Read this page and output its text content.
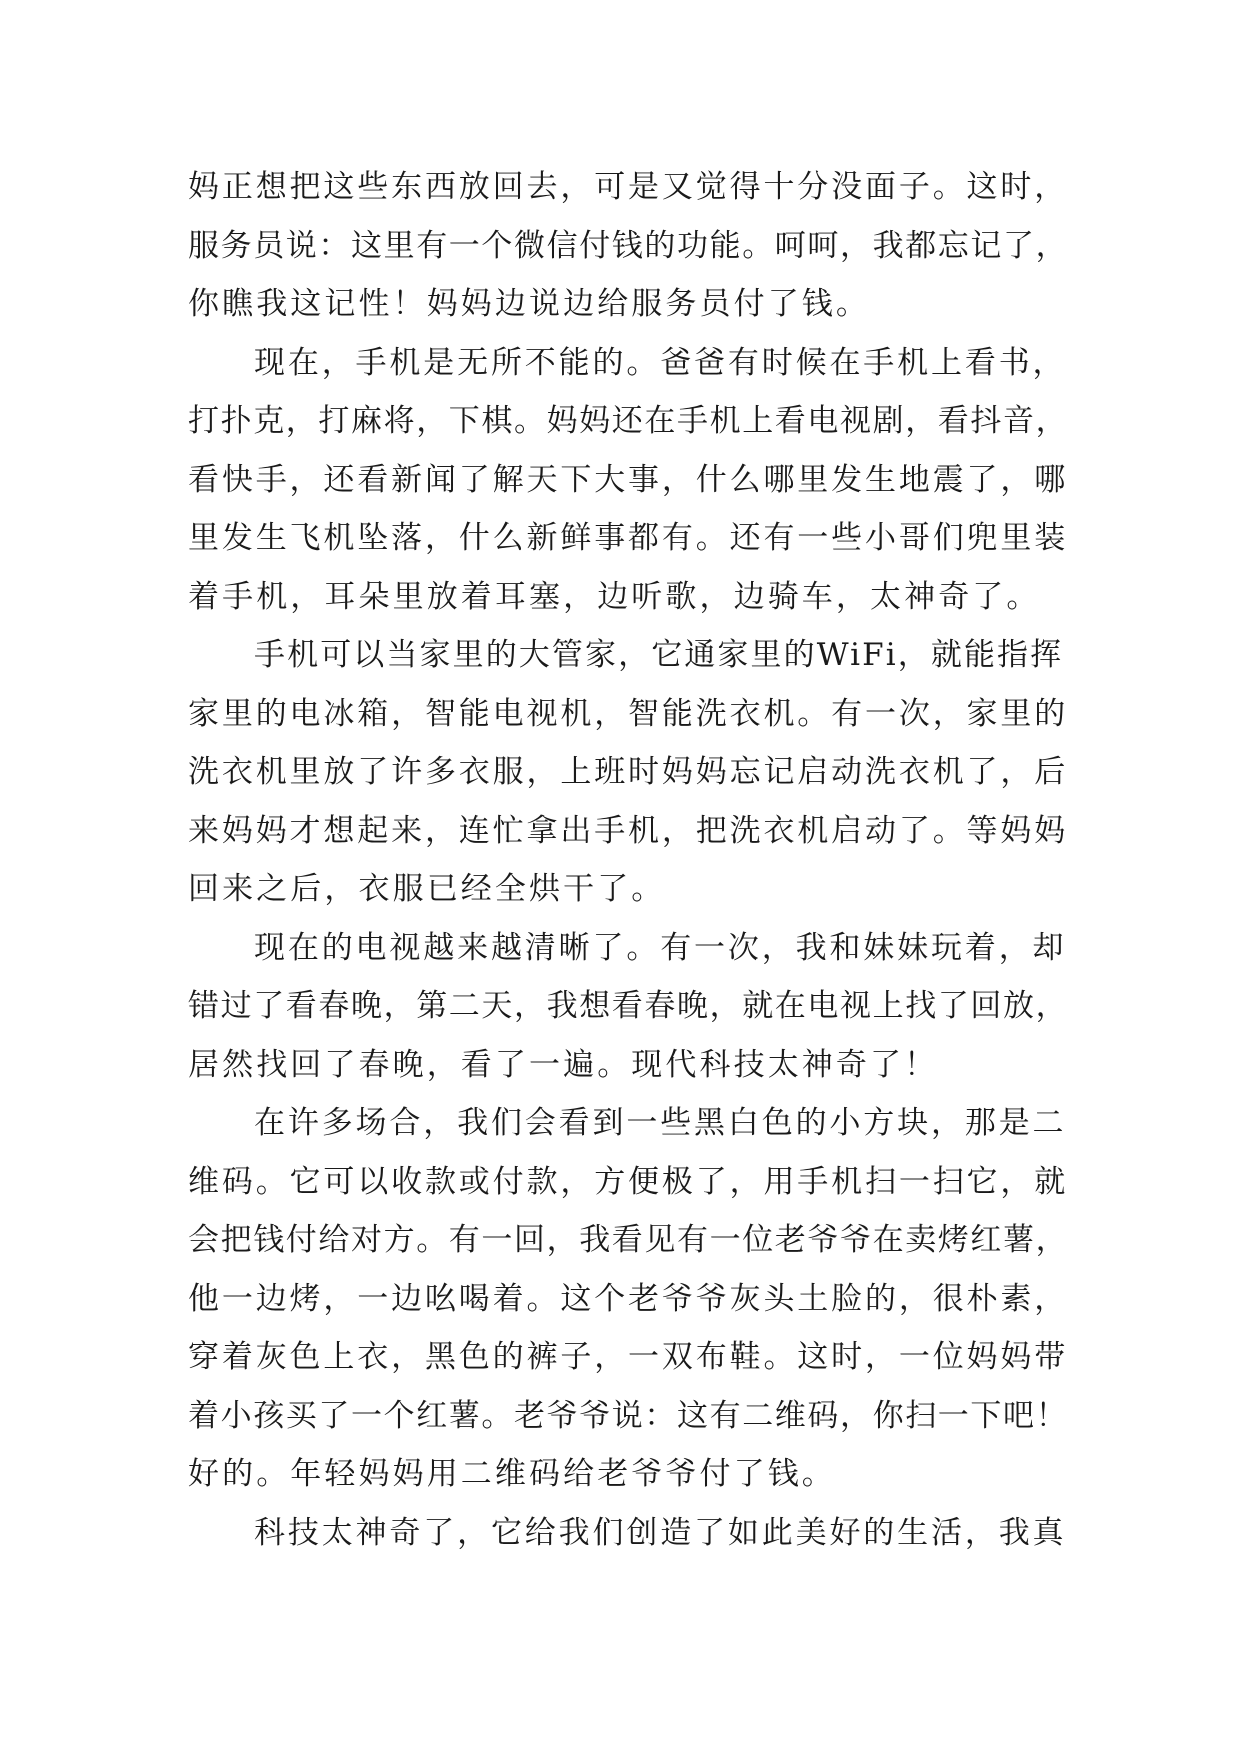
妈正想把这些东西放回去，可是又觉得十分没面子。这时，
服务员说：这里有一个微信付钱的功能。呵呵，我都忘记了，
你瞧我这记性！妈妈边说边给服务员付了钱。
现在，手机是无所不能的。爸爸有时候在手机上看书，
打扑克，打麻将，下棋。妈妈还在手机上看电视剧，看抖音，
看快手，还看新闻了解天下大事，什么哪里发生地震了，哪
里发生飞机坠落，什么新鲜事都有。还有一些小哥们兜里装
着手机，耳朵里放着耳塞，边听歌，边骑车，太神奇了。
手机可以当家里的大管家，它通家里的WiFi，就能指挥
家里的电冰箱，智能电视机，智能洗衣机。有一次，家里的
洗衣机里放了许多衣服，上班时妈妈忘记启动洗衣机了，后
来妈妈才想起来，连忙拿出手机，把洗衣机启动了。等妈妈
回来之后，衣服已经全烘干了。
现在的电视越来越清晰了。有一次，我和妹妹玩着，却
错过了看春晚，第二天，我想看春晚，就在电视上找了回放，
居然找回了春晚，看了一遍。现代科技太神奇了！
在许多场合，我们会看到一些黑白色的小方块，那是二
维码。它可以收款或付款，方便极了，用手机扫一扫它，就
会把钱付给对方。有一回，我看见有一位老爷爷在卖烤红薯，
他一边烤，一边吆喝着。这个老爷爷灰头土脸的，很朴素，
穿着灰色上衣，黑色的裤子，一双布鞋。这时，一位妈妈带
着小孩买了一个红薯。老爷爷说：这有二维码，你扫一下吧！
好的。年轻妈妈用二维码给老爷爷付了钱。
科技太神奇了，它给我们创造了如此美好的生活，我真
